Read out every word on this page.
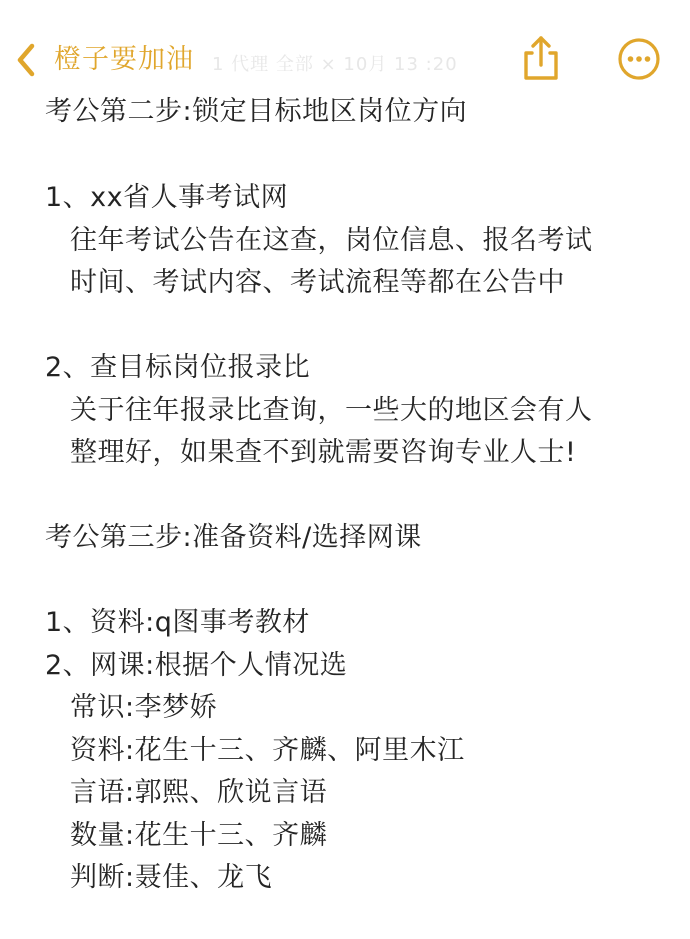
橙子要加油 1 代理 全部 × 10月 13 :20
考公第二步:锁定目标地区岗位方向
1、xx省人事考试网
往年考试公告在这查，岗位信息、报名考试
时间、考试内容、考试流程等都在公告中
2、查目标岗位报录比
关于往年报录比查询，一些大的地区会有人
整理好，如果查不到就需要咨询专业人士!
考公第三步:准备资料/选择网课
1、资料:q图事考教材
2、网课:根据个人情况选
常识:李梦娇
资料:花生十三、齐麟、阿里木江
言语:郭熙、欣说言语
数量:花生十三、齐麟
判断:聂佳、龙飞
